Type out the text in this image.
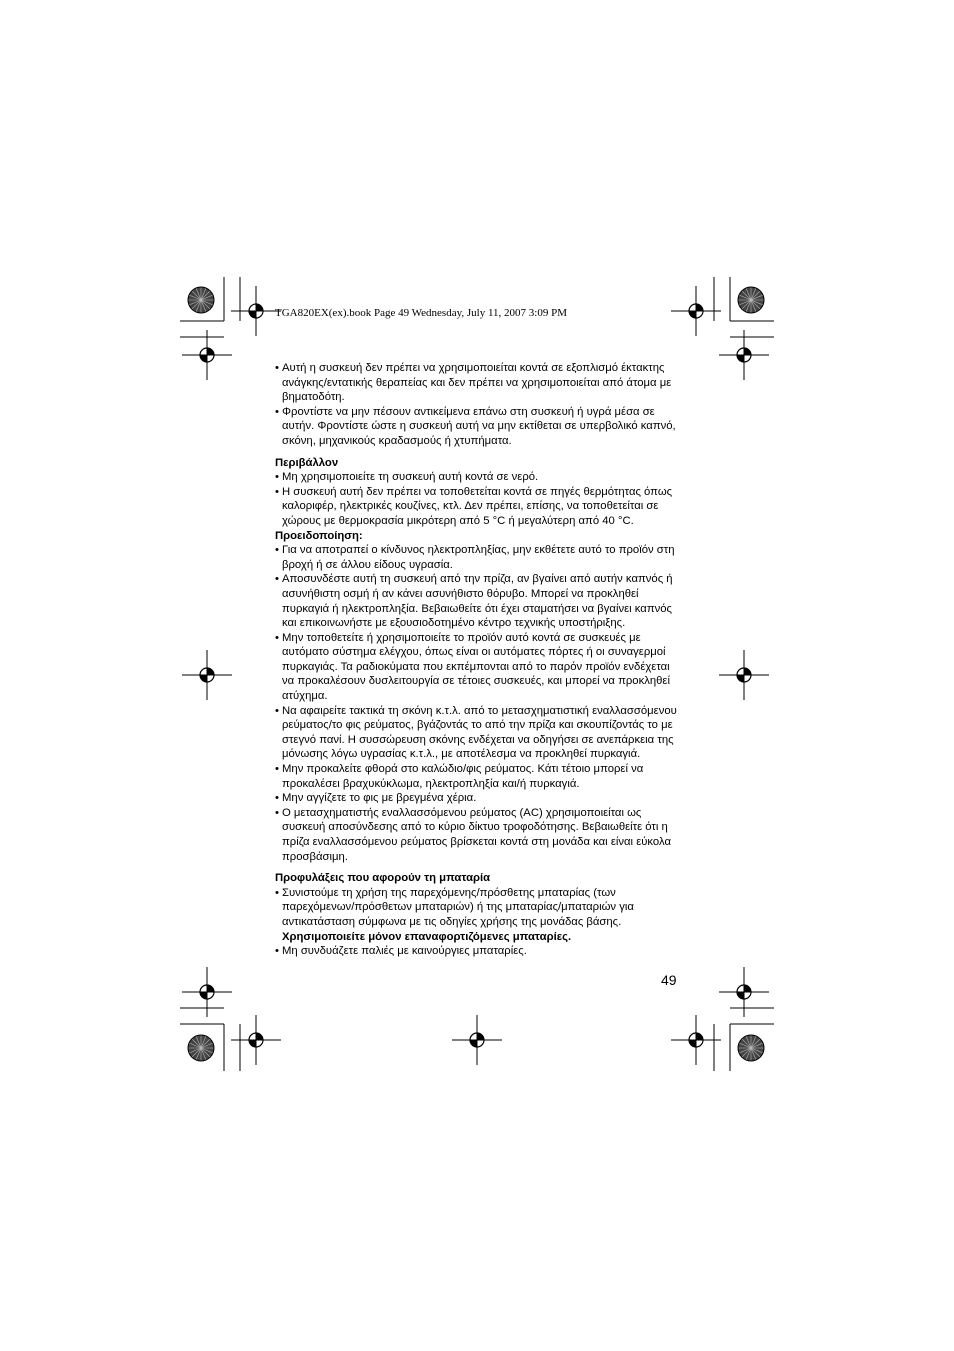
TGA820EX(ex).book Page 49 Wednesday, July 11, 2007 3:09 PM
• Αυτή η συσκευή δεν πρέπει να χρησιμοποιείται κοντά σε εξοπλισμό έκτακτης ανάγκης/εντατικής θεραπείας και δεν πρέπει να χρησιμοποιείται από άτομα με βηματοδότη.
• Φροντίστε να μην πέσουν αντικείμενα επάνω στη συσκευή ή υγρά μέσα σε αυτήν. Φροντίστε ώστε η συσκευή αυτή να μην εκτίθεται σε υπερβολικό καπνό, σκόνη, μηχανικούς κραδασμούς ή χτυπήματα.
Περιβάλλον
• Μη χρησιμοποιείτε τη συσκευή αυτή κοντά σε νερό.
• Η συσκευή αυτή δεν πρέπει να τοποθετείται κοντά σε πηγές θερμότητας όπως καλοριφέρ, ηλεκτρικές κουζίνες, κτλ. Δεν πρέπει, επίσης, να τοποθετείται σε χώρους με θερμοκρασία μικρότερη από 5 °C ή μεγαλύτερη από 40 °C.
Προειδοποίηση:
• Για να αποτραπεί ο κίνδυνος ηλεκτροπληξίας, μην εκθέτετε αυτό το προϊόν στη βροχή ή σε άλλου είδους υγρασία.
• Αποσυνδέστε αυτή τη συσκευή από την πρίζα, αν βγαίνει από αυτήν καπνός ή ασυνήθιστη οσμή ή αν κάνει ασυνήθιστο θόρυβο. Μπορεί να προκληθεί πυρκαγιά ή ηλεκτροπληξία. Βεβαιωθείτε ότι έχει σταματήσει να βγαίνει καπνός και επικοινωνήστε με εξουσιοδοτημένο κέντρο τεχνικής υποστήριξης.
• Μην τοποθετείτε ή χρησιμοποιείτε το προϊόν αυτό κοντά σε συσκευές με αυτόματο σύστημα ελέγχου, όπως είναι οι αυτόματες πόρτες ή οι συναγερμοί πυρκαγιάς. Τα ραδιοκύματα που εκπέμπονται από το παρόν προϊόν ενδέχεται να προκαλέσουν δυσλειτουργία σε τέτοιες συσκευές, και μπορεί να προκληθεί ατύχημα.
• Να αφαιρείτε τακτικά τη σκόνη κ.τ.λ. από το μετασχηματιστική εναλλασσόμενου ρεύματος/το φις ρεύματος, βγάζοντάς το από την πρίζα και σκουπίζοντάς το με στεγνό πανί. Η συσσώρευση σκόνης ενδέχεται να οδηγήσει σε ανεπάρκεια της μόνωσης λόγω υγρασίας κ.τ.λ., με αποτέλεσμα να προκληθεί πυρκαγιά.
• Μην προκαλείτε φθορά στο καλώδιο/φις ρεύματος. Κάτι τέτοιο μπορεί να προκαλέσει βραχυκύκλωμα, ηλεκτροπληξία και/ή πυρκαγιά.
• Μην αγγίζετε το φις με βρεγμένα χέρια.
• Ο μετασχηματιστής εναλλασσόμενου ρεύματος (AC) χρησιμοποιείται ως συσκευή αποσύνδεσης από το κύριο δίκτυο τροφοδότησης. Βεβαιωθείτε ότι η πρίζα εναλλασσόμενου ρεύματος βρίσκεται κοντά στη μονάδα και είναι εύκολα προσβάσιμη.
Προφυλάξεις που αφορούν τη μπαταρία
• Συνιστούμε τη χρήση της παρεχόμενης/πρόσθετης μπαταρίας (των παρεχόμενων/πρόσθετων μπαταριών) ή της μπαταρίας/μπαταριών για αντικατάσταση σύμφωνα με τις οδηγίες χρήσης της μονάδας βάσης.
Χρησιμοποιείτε μόνον επαναφορτιζόμενες μπαταρίες.
• Μη συνδυάζετε παλιές με καινούργιες μπαταρίες.
49
